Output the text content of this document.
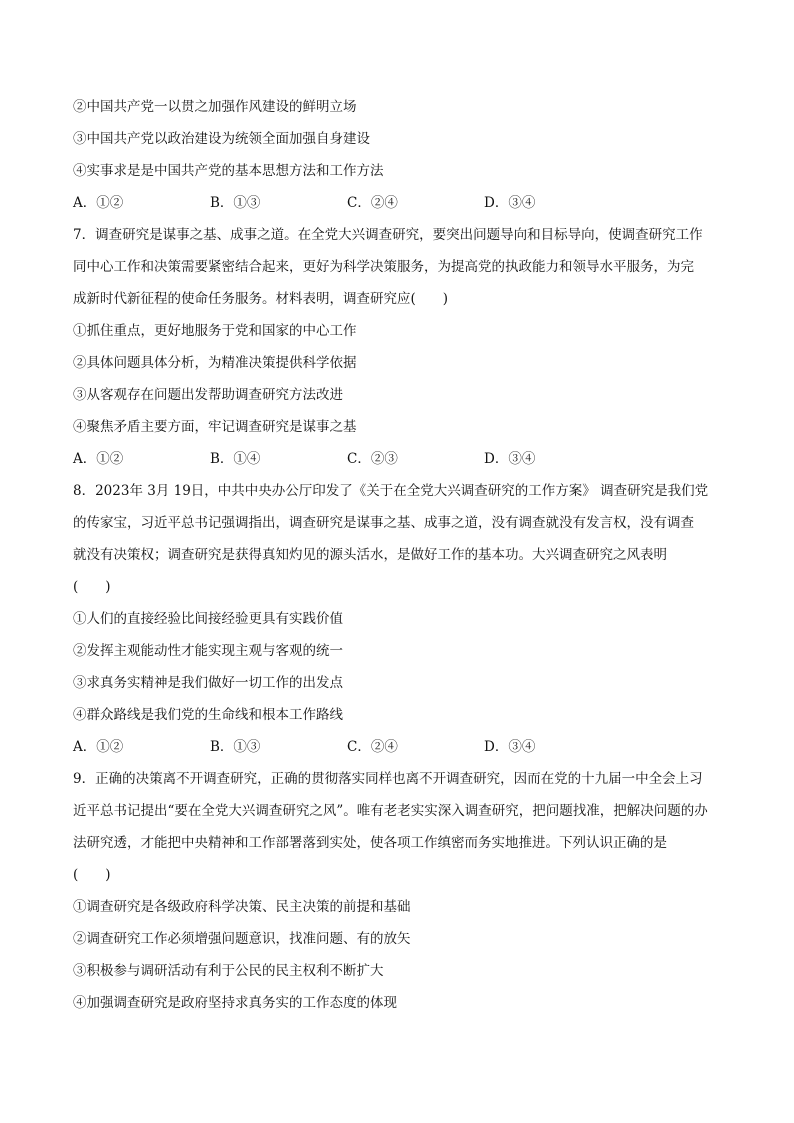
②中国共产党一以贯之加强作风建设的鲜明立场
③中国共产党以政治建设为统领全面加强自身建设
④实事求是是中国共产党的基本思想方法和工作方法
A．①②	B．①③	C．②④	D．③④
7．调查研究是谋事之基、成事之道。在全党大兴调查研究，要突出问题导向和目标导向，使调查研究工作
同中心工作和决策需要紧密结合起来，更好为科学决策服务，为提高党的执政能力和领导水平服务，为完
成新时代新征程的使命任务服务。材料表明，调查研究应(　　)
①抓住重点，更好地服务于党和国家的中心工作
②具体问题具体分析，为精准决策提供科学依据
③从客观存在问题出发帮助调查研究方法改进
④聚焦矛盾主要方面，牢记调查研究是谋事之基
A．①②	B．①④	C．②③	D．③④
8．2023年 3月 19日，中共中央办公厅印发了《关于在全党大兴调查研究的工作方案》 调查研究是我们党
的传家宝，习近平总书记强调指出，调查研究是谋事之基、成事之道，没有调查就没有发言权，没有调查
就没有决策权；调查研究是获得真知灼见的源头活水，是做好工作的基本功。大兴调查研究之风表明
(　　)
①人们的直接经验比间接经验更具有实践价值
②发挥主观能动性才能实现主观与客观的统一
③求真务实精神是我们做好一切工作的出发点
④群众路线是我们党的生命线和根本工作路线
A．①②	B．①③	C．②④	D．③④
9．正确的决策离不开调查研究，正确的贯彻落实同样也离不开调查研究，因而在党的十九届一中全会上习
近平总书记提出“要在全党大兴调查研究之风”。唯有老老实实深入调查研究，把问题找准，把解决问题的办
法研究透，才能把中央精神和工作部署落到实处，使各项工作缜密而务实地推进。下列认识正确的是
(　　)
①调查研究是各级政府科学决策、民主决策的前提和基础
②调查研究工作必须增强问题意识，找准问题、有的放矢
③积极参与调研活动有利于公民的民主权利不断扩大
④加强调查研究是政府坚持求真务实的工作态度的体现
